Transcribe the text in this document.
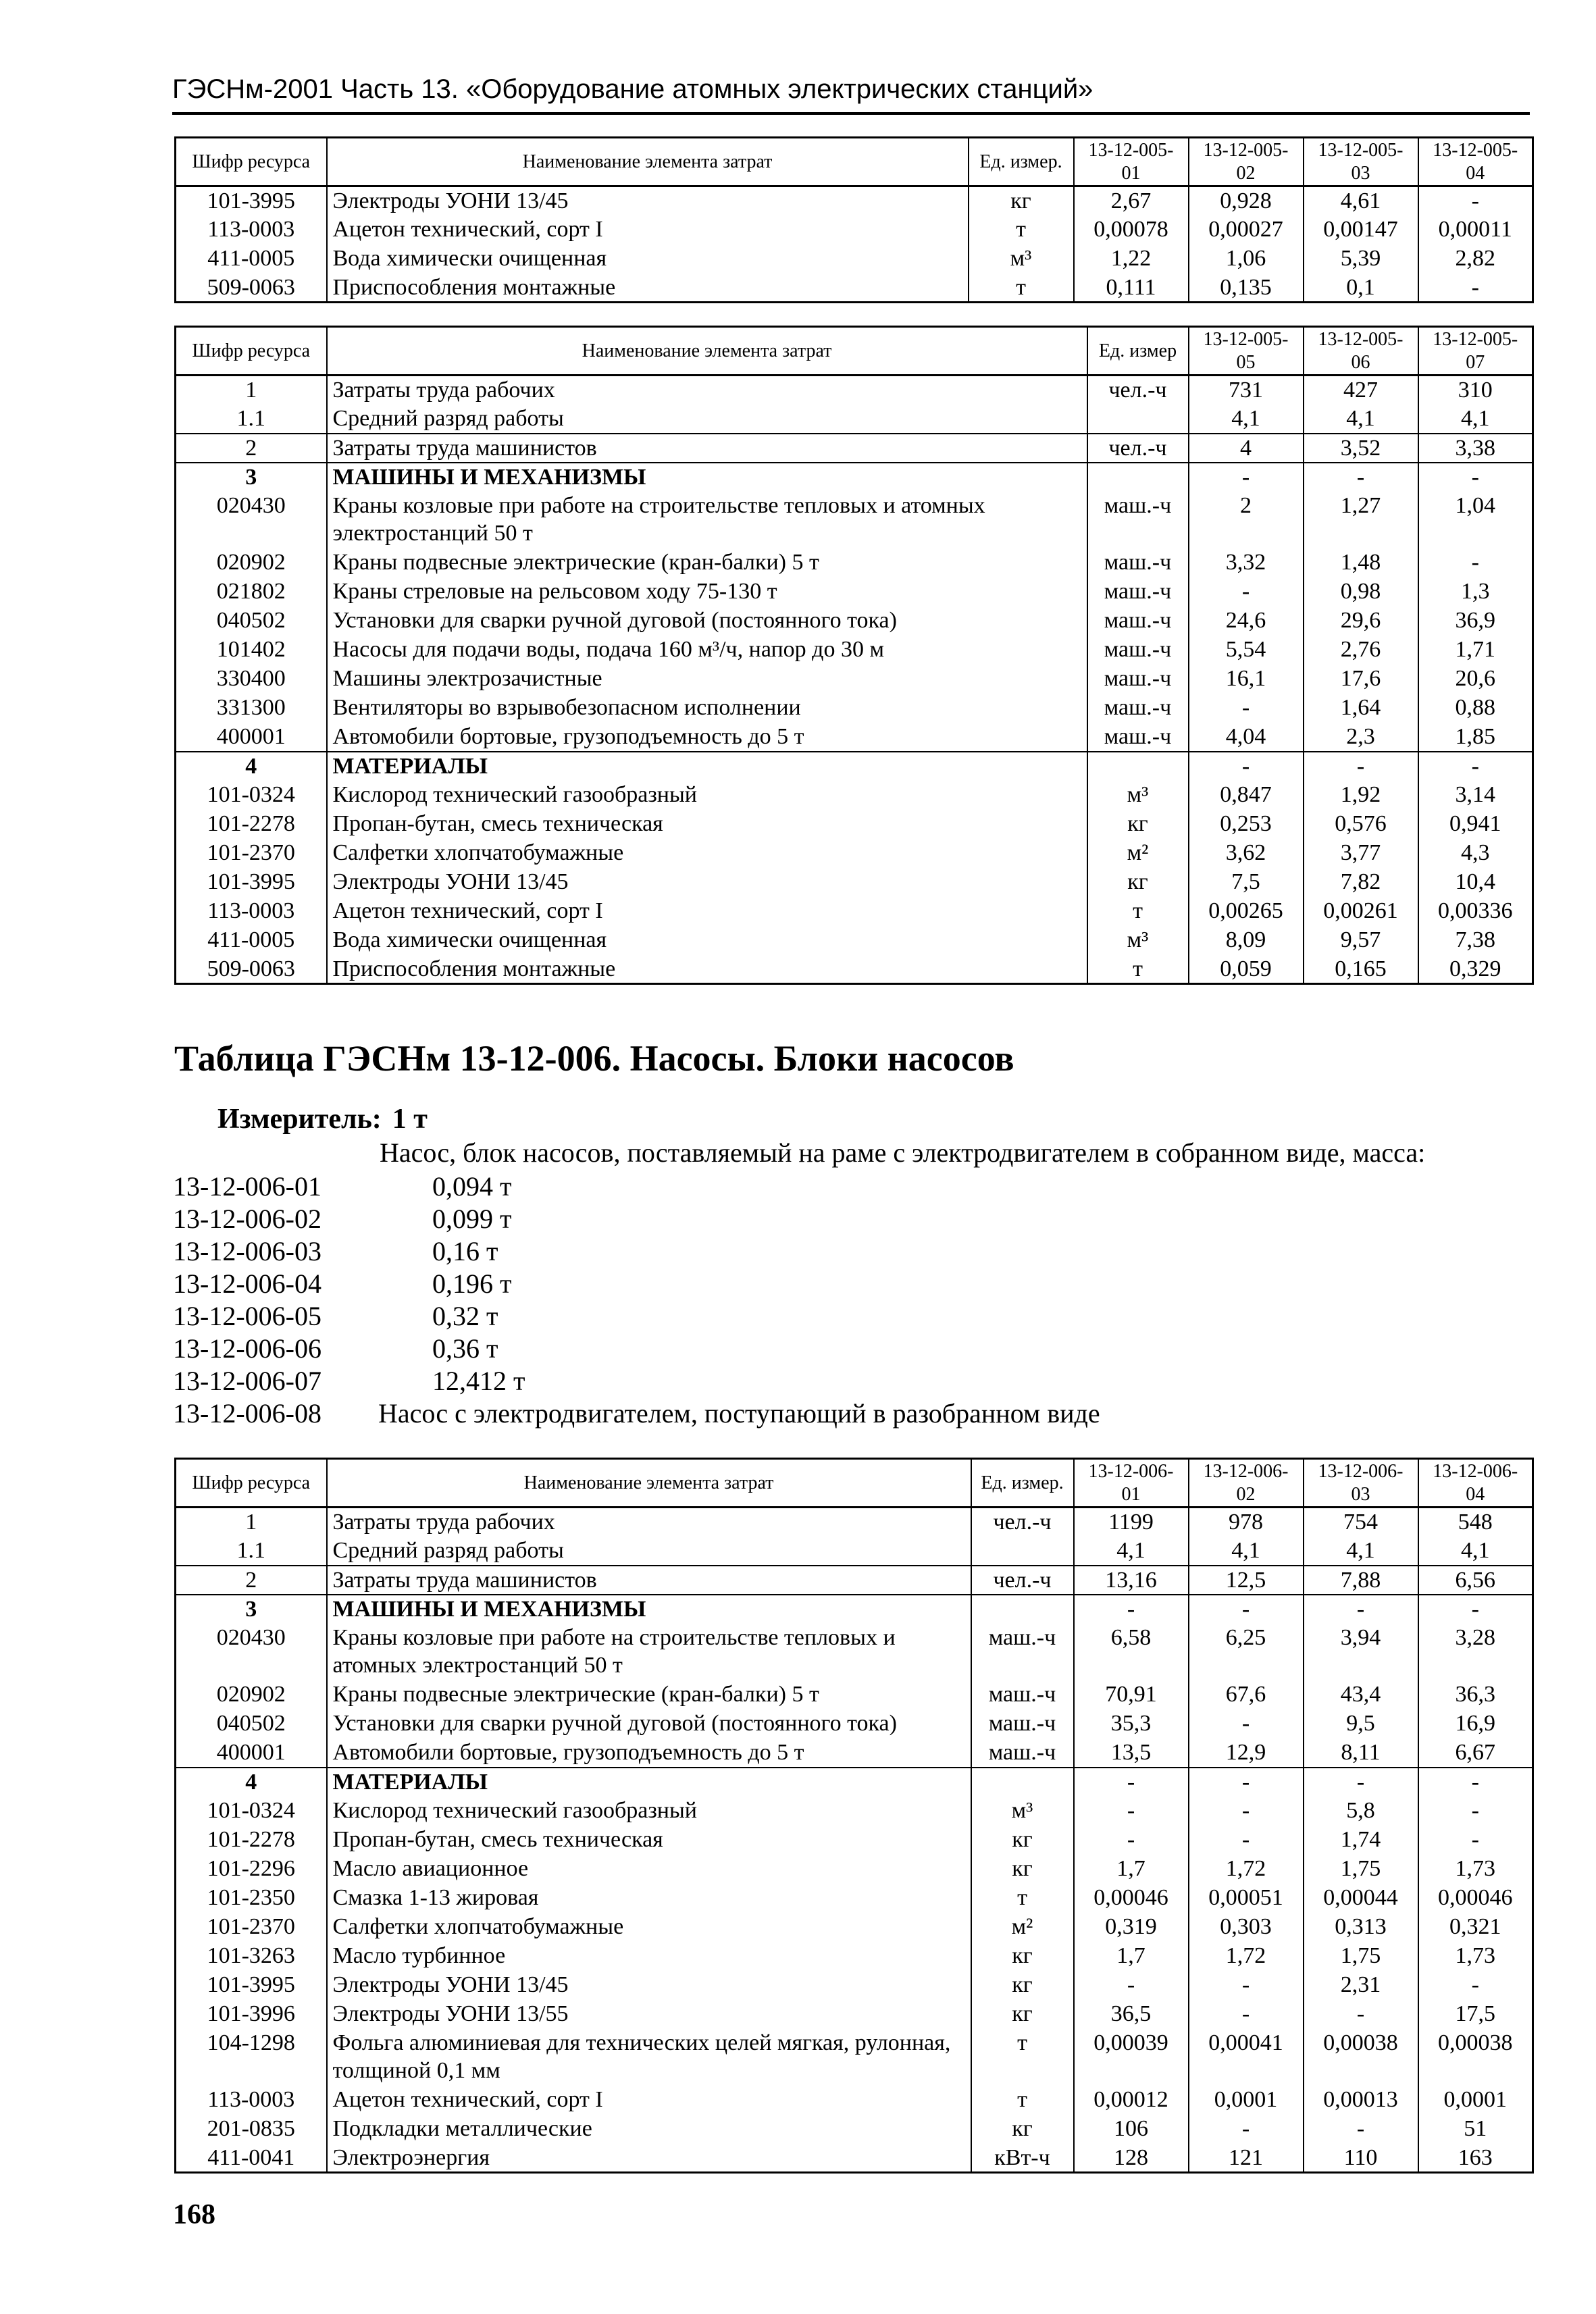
ГЭСНм-2001 Часть 13. «Оборудование атомных электрических станций»
Шифр ресурса	Наименование элемента затрат	Ед. измер.	13-12-005-01	13-12-005-02	13-12-005-03	13-12-005-04
101-3995	Электроды УОНИ 13/45	кг	2,67	0,928	4,61	-
113-0003	Ацетон технический, сорт I	т	0,00078	0,00027	0,00147	0,00011
411-0005	Вода химически очищенная	м³	1,22	1,06	5,39	2,82
509-0063	Приспособления монтажные	т	0,111	0,135	0,1	-
Шифр ресурса	Наименование элемента затрат	Ед. измер	13-12-005-05	13-12-005-06	13-12-005-07
1	Затраты труда рабочих	чел.-ч	731	427	310
1.1	Средний разряд работы		4,1	4,1	4,1
2	Затраты труда машинистов	чел.-ч	4	3,52	3,38
3	МАШИНЫ И МЕХАНИЗМЫ		-	-	-
020430	Краны козловые при работе на строительстве тепловых и атомных электростанций 50 т	маш.-ч	2	1,27	1,04
020902	Краны подвесные электрические (кран-балки) 5 т	маш.-ч	3,32	1,48	-
021802	Краны стреловые на рельсовом ходу 75-130 т	маш.-ч	-	0,98	1,3
040502	Установки для сварки ручной дуговой (постоянного тока)	маш.-ч	24,6	29,6	36,9
101402	Насосы для подачи воды, подача 160 м³/ч, напор до 30 м	маш.-ч	5,54	2,76	1,71
330400	Машины электрозачистные	маш.-ч	16,1	17,6	20,6
331300	Вентиляторы во взрывобезопасном исполнении	маш.-ч	-	1,64	0,88
400001	Автомобили бортовые, грузоподъемность до 5 т	маш.-ч	4,04	2,3	1,85
4	МАТЕРИАЛЫ		-	-	-
101-0324	Кислород технический газообразный	м³	0,847	1,92	3,14
101-2278	Пропан-бутан, смесь техническая	кг	0,253	0,576	0,941
101-2370	Салфетки хлопчатобумажные	м²	3,62	3,77	4,3
101-3995	Электроды УОНИ 13/45	кг	7,5	7,82	10,4
113-0003	Ацетон технический, сорт I	т	0,00265	0,00261	0,00336
411-0005	Вода химически очищенная	м³	8,09	9,57	7,38
509-0063	Приспособления монтажные	т	0,059	0,165	0,329
Таблица ГЭСНм 13-12-006. Насосы. Блоки насосов
Измеритель: 1 т
Насос, блок насосов, поставляемый на раме с электродвигателем в собранном виде, масса:
13-12-006-01	0,094 т
13-12-006-02	0,099 т
13-12-006-03	0,16 т
13-12-006-04	0,196 т
13-12-006-05	0,32 т
13-12-006-06	0,36 т
13-12-006-07	12,412 т
13-12-006-08	Насос с электродвигателем, поступающий в разобранном виде
Шифр ресурса	Наименование элемента затрат	Ед. измер.	13-12-006-01	13-12-006-02	13-12-006-03	13-12-006-04
1	Затраты труда рабочих	чел.-ч	1199	978	754	548
1.1	Средний разряд работы		4,1	4,1	4,1	4,1
2	Затраты труда машинистов	чел.-ч	13,16	12,5	7,88	6,56
3	МАШИНЫ И МЕХАНИЗМЫ		-	-	-	-
020430	Краны козловые при работе на строительстве тепловых и атомных электростанций 50 т	маш.-ч	6,58	6,25	3,94	3,28
020902	Краны подвесные электрические (кран-балки) 5 т	маш.-ч	70,91	67,6	43,4	36,3
040502	Установки для сварки ручной дуговой (постоянного тока)	маш.-ч	35,3	-	9,5	16,9
400001	Автомобили бортовые, грузоподъемность до 5 т	маш.-ч	13,5	12,9	8,11	6,67
4	МАТЕРИАЛЫ		-	-	-	-
101-0324	Кислород технический газообразный	м³	-	-	5,8	-
101-2278	Пропан-бутан, смесь техническая	кг	-	-	1,74	-
101-2296	Масло авиационное	кг	1,7	1,72	1,75	1,73
101-2350	Смазка 1-13 жировая	т	0,00046	0,00051	0,00044	0,00046
101-2370	Салфетки хлопчатобумажные	м²	0,319	0,303	0,313	0,321
101-3263	Масло турбинное	кг	1,7	1,72	1,75	1,73
101-3995	Электроды УОНИ 13/45	кг	-	-	2,31	-
101-3996	Электроды УОНИ 13/55	кг	36,5	-	-	17,5
104-1298	Фольга алюминиевая для технических целей мягкая, рулонная, толщиной 0,1 мм	т	0,00039	0,00041	0,00038	0,00038
113-0003	Ацетон технический, сорт I	т	0,00012	0,0001	0,00013	0,0001
201-0835	Подкладки металлические	кг	106	-	-	51
411-0041	Электроэнергия	кВт-ч	128	121	110	163
168
